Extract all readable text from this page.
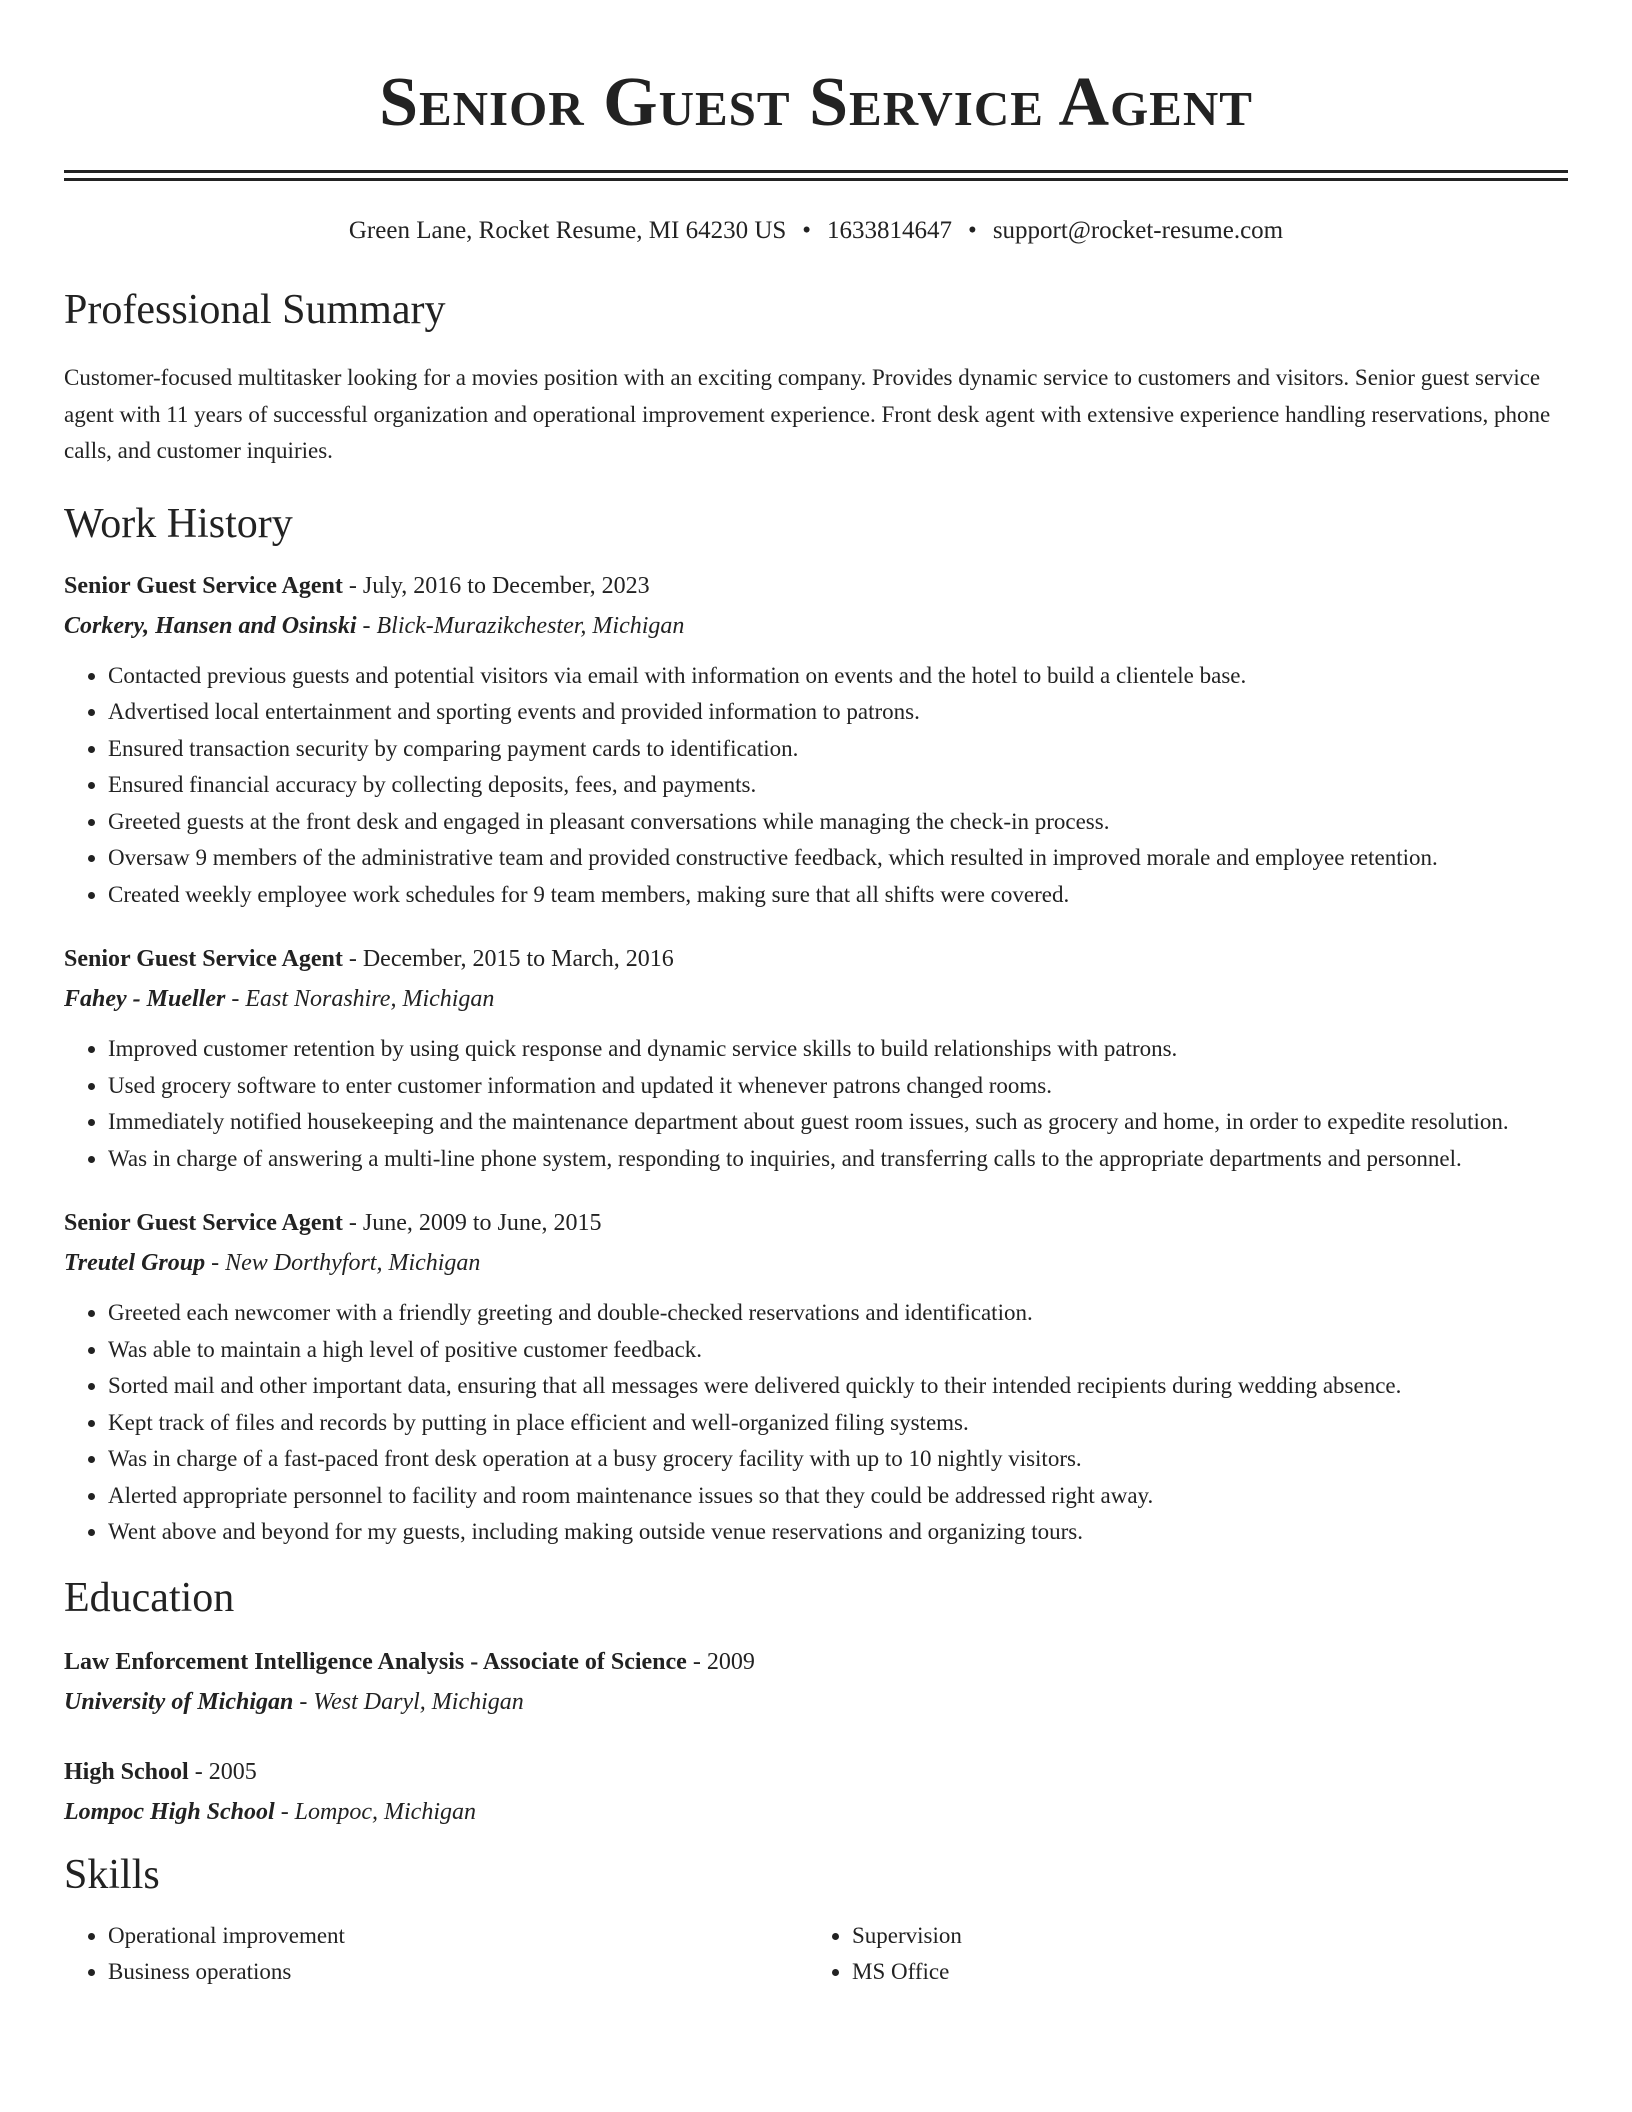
Senior Guest Service Agent
Green Lane, Rocket Resume, MI 64230 US • 1633814647 • support@rocket-resume.com
Professional Summary
Customer-focused multitasker looking for a movies position with an exciting company. Provides dynamic service to customers and visitors. Senior guest service agent with 11 years of successful organization and operational improvement experience. Front desk agent with extensive experience handling reservations, phone calls, and customer inquiries.
Work History
Senior Guest Service Agent - July, 2016 to December, 2023
Corkery, Hansen and Osinski - Blick-Murazikchester, Michigan
• Contacted previous guests and potential visitors via email with information on events and the hotel to build a clientele base.
• Advertised local entertainment and sporting events and provided information to patrons.
• Ensured transaction security by comparing payment cards to identification.
• Ensured financial accuracy by collecting deposits, fees, and payments.
• Greeted guests at the front desk and engaged in pleasant conversations while managing the check-in process.
• Oversaw 9 members of the administrative team and provided constructive feedback, which resulted in improved morale and employee retention.
• Created weekly employee work schedules for 9 team members, making sure that all shifts were covered.
Senior Guest Service Agent - December, 2015 to March, 2016
Fahey - Mueller - East Norashire, Michigan
• Improved customer retention by using quick response and dynamic service skills to build relationships with patrons.
• Used grocery software to enter customer information and updated it whenever patrons changed rooms.
• Immediately notified housekeeping and the maintenance department about guest room issues, such as grocery and home, in order to expedite resolution.
• Was in charge of answering a multi-line phone system, responding to inquiries, and transferring calls to the appropriate departments and personnel.
Senior Guest Service Agent - June, 2009 to June, 2015
Treutel Group - New Dorthyfort, Michigan
• Greeted each newcomer with a friendly greeting and double-checked reservations and identification.
• Was able to maintain a high level of positive customer feedback.
• Sorted mail and other important data, ensuring that all messages were delivered quickly to their intended recipients during wedding absence.
• Kept track of files and records by putting in place efficient and well-organized filing systems.
• Was in charge of a fast-paced front desk operation at a busy grocery facility with up to 10 nightly visitors.
• Alerted appropriate personnel to facility and room maintenance issues so that they could be addressed right away.
• Went above and beyond for my guests, including making outside venue reservations and organizing tours.
Education
Law Enforcement Intelligence Analysis - Associate of Science - 2009
University of Michigan - West Daryl, Michigan
High School - 2005
Lompoc High School - Lompoc, Michigan
Skills
• Operational improvement
• Business operations
• Supervision
• MS Office
